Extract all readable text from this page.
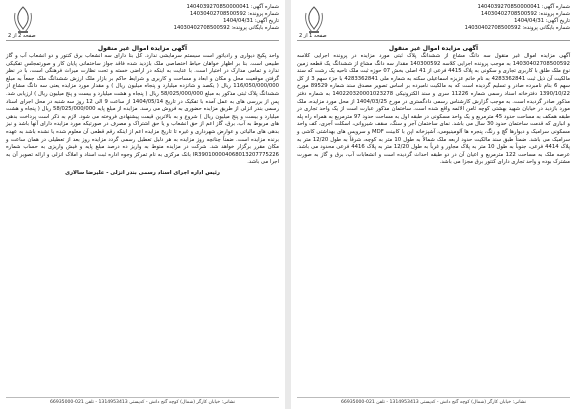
شماره آگهی: 1404039270850000041
شماره پرونده: 14030402708500592
تاریخ آگهی: 1404/04/31
شماره بایگانی پرونده: 14030402708500592
صفحه 2 از 2
آگهی مزایده اموال غیر منقول

واحد پکیج دیواری و رادیاتور است سیستم سرمایشی ندارد. کل بنا دارای سه انشعاب برق کنتور و دو انشعاب آب و گاز طبیعی است. بنا بر اظهار خواهان حیاط اختصاصی ملک بازدید شده فاقد جواز ساختمانی پایان کار و صورتمجلس تفکیکی ندارد و تمامی مدارک در اختیار است. با عنایت به اینکه در اراضی خسته و تحت نظارت میراث فرهنگی است، با در نظر گرفتن موقعیت محل و مکان و ابعاد و مساحت و کاربری و شرایط حاکم بر بازار ملک ارزش ششدانگ ملک جمعاً به مبلغ 116/050/000/000 ریال ( یکصد و شانزده میلیارد و پنجاه میلیون ریال ) و مقدار مورد مزایده یعنی سه دانگ مشاع از ششدانگ پلاک ثبتی مذکور به مبلغ 58/025/000/000 ریال ( پنجاه و هشت میلیارد و بیست و پنج میلیون ریال ) ارزیابی شد. پس از بررسی های به عمل آمده با تفکیک در تاریخ 1404/05/14 از ساعت 9 الی 12 روز سه شنبه در محل اجرای اسناد رسمی بندر انزلی از طریق مزایده حضوری به فروش می رسد. مزایده از مبلغ پایه 58/025/000/000 ریال ( پنجاه و هشت میلیارد و بیست و پنج میلیون ریال ) شروع و به بالاترین قیمت پیشنهادی فروخته می شود. لازم به ذکر است پرداخت بدهی های مربوط به آب، برق، گاز اعم از حق انشعاب و یا حق اشتراک و مصرف در صورتیکه مورد مزایده دارای آنها باشد و نیز بدهی های مالیاتی و عوارض شهرداری و غیره تا تاریخ مزایده اعم از اینکه رقم قطعی آن معلوم شده یا نشده باشد به عهده برنده مزایده است. ضمناً چنانچه روز مزایده به هر دلیل تعطیل رسمی گردد مزایده روز بعد از تعطیلی در همان ساعت و مکان مقرر برگزار خواهد شد. شرکت در مزایده منوط به واریز ده درصد مبلغ پایه و فیش واریزی به حساب شماره IR390100004068013207775226 بانک مرکزی به نام تمرکز وجوه اداره ثبت اسناد و املاک انزلی و ارائه تصویر آن به اجرا می باشد.

رئیس اداره اجرای اسناد رسمی بندر انزلی - علیرضا سالاری

نشانی: خیابان کارگر (شمال) کوچه گنج دانش - کدپستی 1314953413 - تلفن 021-66935000
شماره آگهی: 1404039270850000041
شماره پرونده: 14030402708500592
تاریخ آگهی: 1404/04/31
شماره بایگانی پرونده: 14030402708500592
صفحه 1 از 2
آگهی مزایده اموال غیر منقول

آگهی مزایده اموال غیر منقول سه دانگ مشاع از ششدانگ پلاک ثبتی مورد مزایده در پرونده اجرایی کلاسه 14030402708500592 به موجب پرونده اجرایی کلاسه 140300592 مقدار سه دانگ مشاع از ششدانگ یک قطعه زمین نوع ملک طلق با کاربری تجاری و سکونی به پلاک 4415 فرعی از 41 اصلی بخش 07 حوزه ثبت ملک ناحیه یک رشت که سند مالکیت آن ذیل ثبت 4283362841 به نام خانم عزیزه اسماعیلی سکنه به شماره ملی 4283362841 با جزء سهم 3 از کل سهم 6 بنام نامبرده صادر و تسلیم گردیده است که به مالکیت نامبرده بر اساس تصویر مصدق سند شماره 89529 مورخ 1390/10/22 دفترخانه اسناد رسمی شماره 11226 سری و سند الکترونیکی 140220320001023278 به شماره دفتر مذکور صادر گردیده است. به موجب گزارش کارشناس رسمی دادگستری در مورخ 1404/03/25 از محل مورد مزایده، ملک مورد بازدید در خیابان شهید بهشتی کوچه ثامن الائمه واقع شده است. ساختمان مذکور عبارت است از یک واحد تجاری در طبقه همکف به مساحت حدود 45 مترمربع و یک واحد مسکونی در طبقه اول به مساحت حدود 97 مترمربع به همراه راه پله و انباری که قدمت ساختمان حدود 30 سال می باشد. نمای ساختمان آجر و سنگ، سقف شیروانی، اسکلت آجری، کف واحد مسکونی سرامیک و دیوارها گچ و رنگ، پنجره ها آلومینیومی، آشپزخانه اپن با کابینت MDF و سرویس های بهداشتی کاشی و سرامیک می باشد. ضمناً طبق سند مالکیت حدود اربعه ملک شمالاً به طول 10 متر به کوچه، شرقاً به طول 12/20 متر به پلاک 4414 فرعی، جنوباً به طول 10 متر به پلاک مجاور و غرباً به طول 12/20 متر به پلاک 4416 فرعی محدود می باشد. عرصه ملک به مساحت 122 مترمربع و اعیان آن در دو طبقه احداث گردیده است و انشعابات آب، برق و گاز به صورت مشترک بوده و واحد تجاری دارای کنتور برق مجزا می باشد.

نشانی: خیابان کارگر (شمال) کوچه گنج دانش - کدپستی 1314953413 - تلفن 021-66935000
